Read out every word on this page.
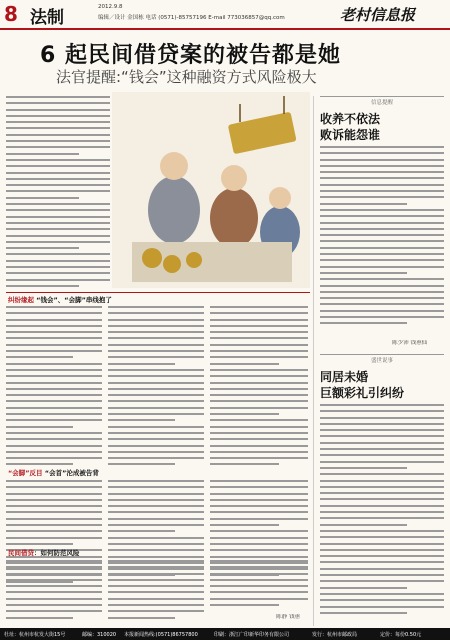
8 法制
2012.9.8
编辑／设计 金国栋 电话 (0571)-85757196 E-mail 773036857@qq.com	老村信息报
6 起民间借贷案的被告都是她
法官提醒:“钱会”这种融资方式风险极大
纠纷缘起 “钱会”、“会脚”串线抱了
“会脚”反目 “会首”沦成被告背
民间借贷：如何防范风险
陈静 钱蕙
信息提醒
收养不依法
败诉能怨谁
陈少沛 钱蕙仙
盛世说事
同居未婚
巨额彩礼引纠纷
杜址：杭州市杭发大街15号	邮编：310020 本报新闻热线:(0571)86757800	印刷：浙江广印新华印务有限公司	发行：杭州市邮政局	定价：每份0.50元
